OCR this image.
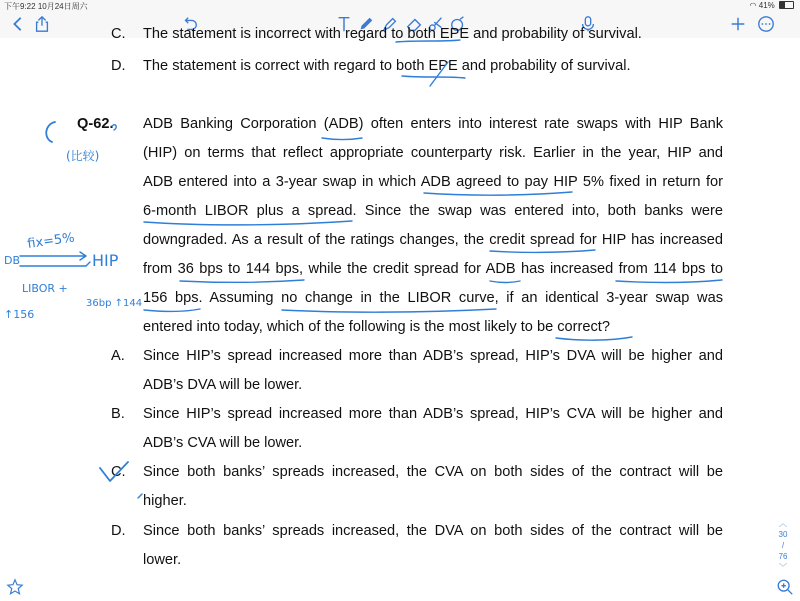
下午9:22 10月24日周六	◠ 41%
C. The statement is incorrect with regard to both EPE and probability of survival.
D. The statement is correct with regard to both EPE and probability of survival.
Q-62. ADB Banking Corporation (ADB) often enters into interest rate swaps with HIP Bank
(HIP) on terms that reflect appropriate counterparty risk. Earlier in the year, HIP and
ADB entered into a 3-year swap in which ADB agreed to pay HIP 5% fixed in return for
6-month LIBOR plus a spread. Since the swap was entered into, both banks were
downgraded. As a result of the ratings changes, the credit spread for HIP has increased
from 36 bps to 144 bps, while the credit spread for ADB has increased from 114 bps to
156 bps. Assuming no change in the LIBOR curve, if an identical 3-year swap was
entered into today, which of the following is the most likely to be correct?
A. Since HIP’s spread increased more than ADB’s spread, HIP’s DVA will be higher and
ADB’s DVA will be lower.
B. Since HIP’s spread increased more than ADB’s spread, HIP’s CVA will be higher and
ADB’s CVA will be lower.
C. Since both banks’ spreads increased, the CVA on both sides of the contract will be
higher.
D. Since both banks’ spreads increased, the DVA on both sides of the contract will be
lower.
(比较)
fix=5%
DB	HIP
LIBOR +
↑156
36bp ↑144
︿
30
/
76
﹀
